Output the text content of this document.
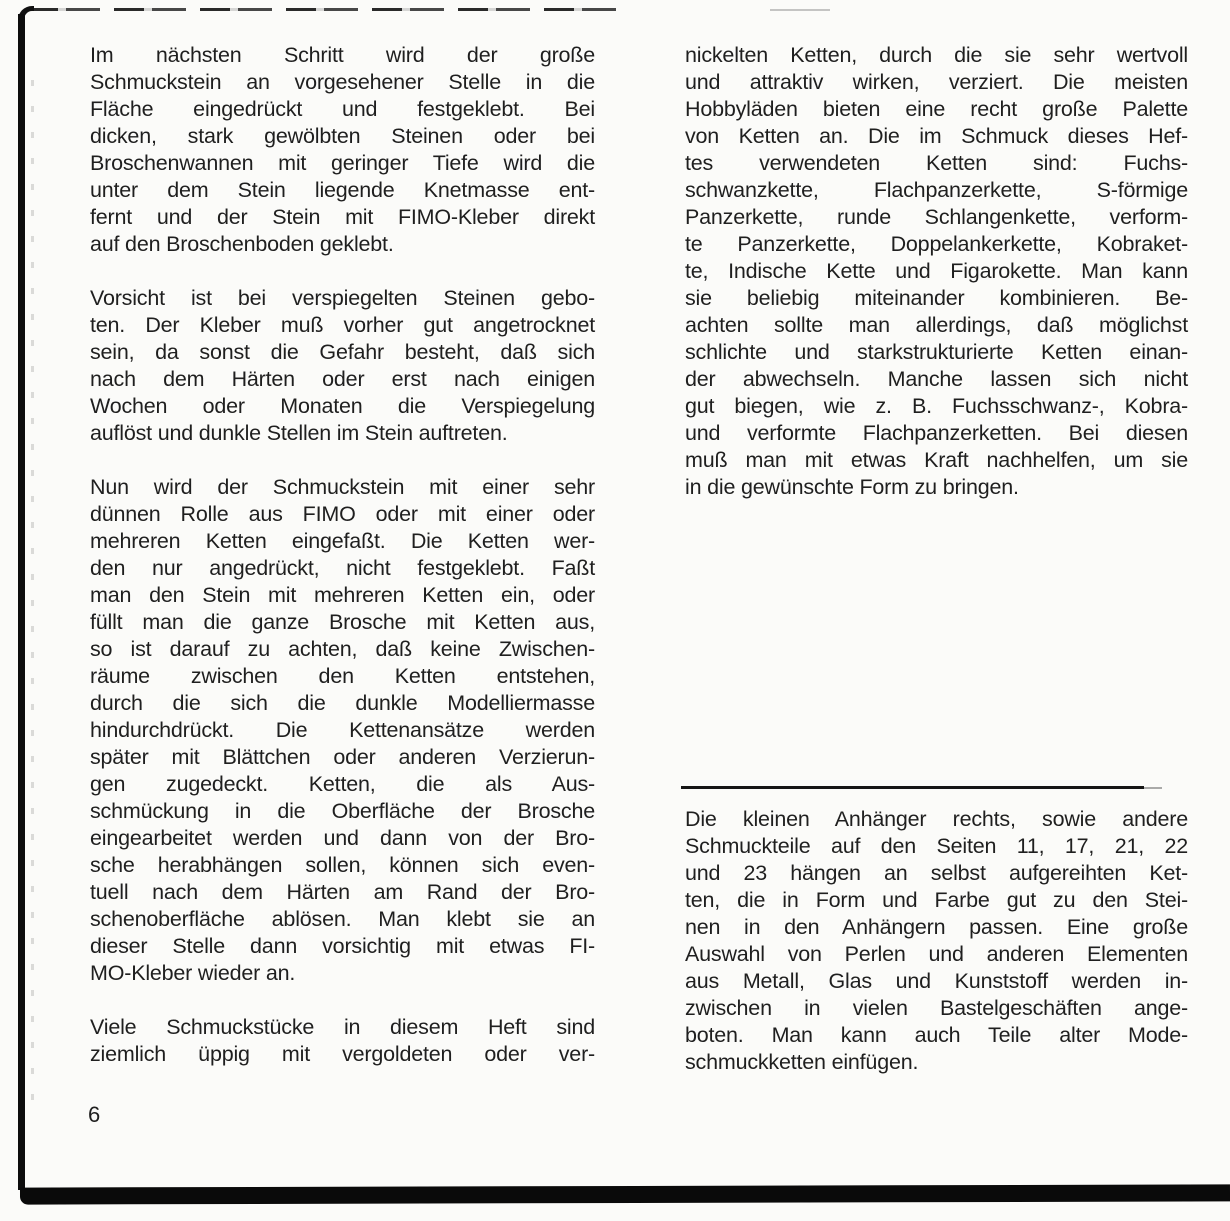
Im nächsten Schritt wird der große
Schmuckstein an vorgesehener Stelle in die
Fläche eingedrückt und festgeklebt. Bei
dicken, stark gewölbten Steinen oder bei
Broschenwannen mit geringer Tiefe wird die
unter dem Stein liegende Knetmasse ent-
fernt und der Stein mit FIMO-Kleber direkt
auf den Broschenboden geklebt.
Vorsicht ist bei verspiegelten Steinen gebo-
ten. Der Kleber muß vorher gut angetrocknet
sein, da sonst die Gefahr besteht, daß sich
nach dem Härten oder erst nach einigen
Wochen oder Monaten die Verspiegelung
auflöst und dunkle Stellen im Stein auftreten.
Nun wird der Schmuckstein mit einer sehr
dünnen Rolle aus FIMO oder mit einer oder
mehreren Ketten eingefaßt. Die Ketten wer-
den nur angedrückt, nicht festgeklebt. Faßt
man den Stein mit mehreren Ketten ein, oder
füllt man die ganze Brosche mit Ketten aus,
so ist darauf zu achten, daß keine Zwischen-
räume zwischen den Ketten entstehen,
durch die sich die dunkle Modelliermasse
hindurchdrückt. Die Kettenansätze werden
später mit Blättchen oder anderen Verzierun-
gen zugedeckt. Ketten, die als Aus-
schmückung in die Oberfläche der Brosche
eingearbeitet werden und dann von der Bro-
sche herabhängen sollen, können sich even-
tuell nach dem Härten am Rand der Bro-
schenoberfläche ablösen. Man klebt sie an
dieser Stelle dann vorsichtig mit etwas FI-
MO-Kleber wieder an.
Viele Schmuckstücke in diesem Heft sind
ziemlich üppig mit vergoldeten oder ver-
nickelten Ketten, durch die sie sehr wertvoll
und attraktiv wirken, verziert. Die meisten
Hobbyläden bieten eine recht große Palette
von Ketten an. Die im Schmuck dieses Hef-
tes verwendeten Ketten sind: Fuchs-
schwanzkette, Flachpanzerkette, S-förmige
Panzerkette, runde Schlangenkette, verform-
te Panzerkette, Doppelankerkette, Kobraket-
te, Indische Kette und Figarokette. Man kann
sie beliebig miteinander kombinieren. Be-
achten sollte man allerdings, daß möglichst
schlichte und starkstrukturierte Ketten einan-
der abwechseln. Manche lassen sich nicht
gut biegen, wie z. B. Fuchsschwanz-, Kobra-
und verformte Flachpanzerketten. Bei diesen
muß man mit etwas Kraft nachhelfen, um sie
in die gewünschte Form zu bringen.
Die kleinen Anhänger rechts, sowie andere
Schmuckteile auf den Seiten 11, 17, 21, 22
und 23 hängen an selbst aufgereihten Ket-
ten, die in Form und Farbe gut zu den Stei-
nen in den Anhängern passen. Eine große
Auswahl von Perlen und anderen Elementen
aus Metall, Glas und Kunststoff werden in-
zwischen in vielen Bastelgeschäften ange-
boten. Man kann auch Teile alter Mode-
schmuckketten einfügen.
6
